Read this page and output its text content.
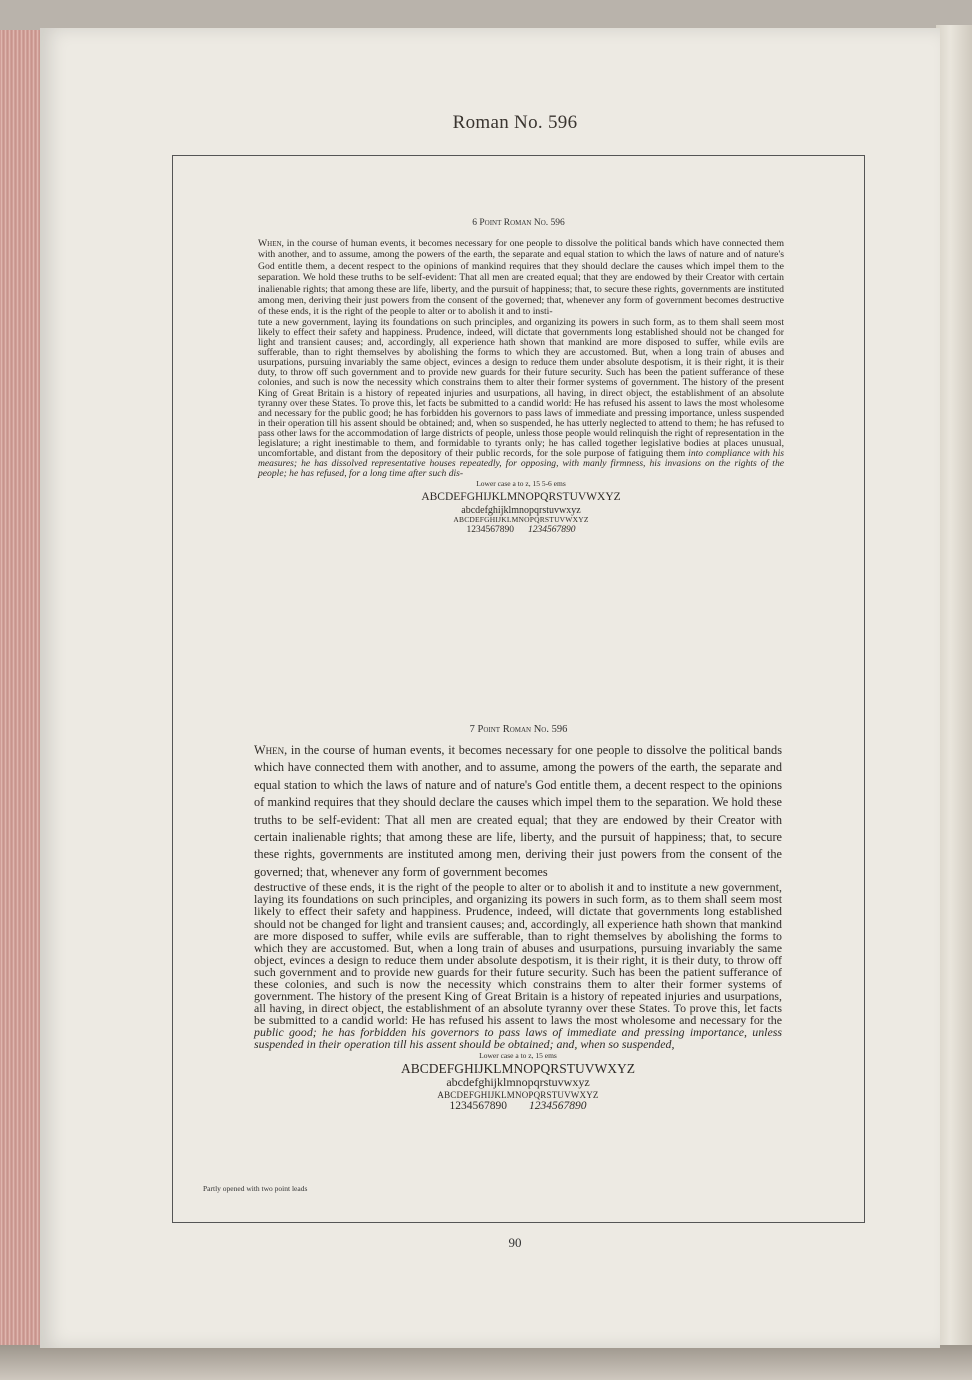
Roman No. 596
6 Point Roman No. 596
When, in the course of human events, it becomes necessary for one people to dissolve the political bands which have connected them with another, and to assume, among the powers of the earth, the separate and equal station to which the laws of nature and of nature's God entitle them, a decent respect to the opinions of mankind requires that they should declare the causes which impel them to the separation. We hold these truths to be self-evident: That all men are created equal; that they are endowed by their Creator with certain inalienable rights; that among these are life, liberty, and the pursuit of happiness; that, to secure these rights, governments are instituted among men, deriving their just powers from the consent of the governed; that, whenever any form of government becomes destructive of these ends, it is the right of the people to alter or to abolish it and to insti-
tute a new government, laying its foundations on such principles, and organizing its powers in such form, as to them shall seem most likely to effect their safety and happiness. Prudence, indeed, will dictate that governments long established should not be changed for light and transient causes; and, accordingly, all experience hath shown that mankind are more disposed to suffer, while evils are sufferable, than to right themselves by abolishing the forms to which they are accustomed. But, when a long train of abuses and usurpations, pursuing invariably the same object, evinces a design to reduce them under absolute despotism, it is their right, it is their duty, to throw off such government and to provide new guards for their future security. Such has been the patient sufferance of these colonies, and such is now the necessity which constrains them to alter their former systems of government. The history of the present King of Great Britain is a history of repeated injuries and usurpations, all having, in direct object, the establishment of an absolute tyranny over these States. To prove this, let facts be submitted to a candid world: He has refused his assent to laws the most wholesome and necessary for the public good; he has forbidden his governors to pass laws of immediate and pressing importance, unless suspended in their operation till his assent should be obtained; and, when so suspended, he has utterly neglected to attend to them; he has refused to pass other laws for the accommodation of large districts of people, unless those people would relinquish the right of representation in the legislature; a right inestimable to them, and formidable to tyrants only; he has called together legislative bodies at places unusual, uncomfortable, and distant from the depository of their public records, for the sole purpose of fatiguing them into compliance with his measures; he has dissolved representative houses repeatedly, for opposing, with manly firmness, his invasions on the rights of the people; he has refused, for a long time after such dis-
Lower case a to z, 15 5-6 ems
ABCDEFGHIJKLMNOPQRSTUVWXYZ
abcdefghijklmnopqrstuvwxyz
ABCDEFGHIJKLMNOPQRSTUVWXYZ
1234567890 1234567890
7 Point Roman No. 596
When, in the course of human events, it becomes necessary for one people to dissolve the political bands which have connected them with another, and to assume, among the powers of the earth, the separate and equal station to which the laws of nature and of nature's God entitle them, a decent respect to the opinions of mankind requires that they should declare the causes which impel them to the separation. We hold these truths to be self-evident: That all men are created equal; that they are endowed by their Creator with certain inalienable rights; that among these are life, liberty, and the pursuit of happiness; that, to secure these rights, governments are instituted among men, deriving their just powers from the consent of the governed; that, whenever any form of government becomes
destructive of these ends, it is the right of the people to alter or to abolish it and to institute a new government, laying its foundations on such principles, and organizing its powers in such form, as to them shall seem most likely to effect their safety and happiness. Prudence, indeed, will dictate that governments long established should not be changed for light and transient causes; and, accordingly, all experience hath shown that mankind are more disposed to suffer, while evils are sufferable, than to right themselves by abolishing the forms to which they are accustomed. But, when a long train of abuses and usurpations, pursuing invariably the same object, evinces a design to reduce them under absolute despotism, it is their right, it is their duty, to throw off such government and to provide new guards for their future security. Such has been the patient sufferance of these colonies, and such is now the necessity which constrains them to alter their former systems of government. The history of the present King of Great Britain is a history of repeated injuries and usurpations, all having, in direct object, the establishment of an absolute tyranny over these States. To prove this, let facts be submitted to a candid world: He has refused his assent to laws the most wholesome and necessary for the public good; he has forbidden his governors to pass laws of immediate and pressing importance, unless suspended in their operation till his assent should be obtained; and, when so suspended,
Lower case a to z, 15 ems
ABCDEFGHIJKLMNOPQRSTUVWXYZ
abcdefghijklmnopqrstuvwxyz
ABCDEFGHIJKLMNOPQRSTUVWXYZ
1234567890 1234567890
Partly opened with two point leads
90
